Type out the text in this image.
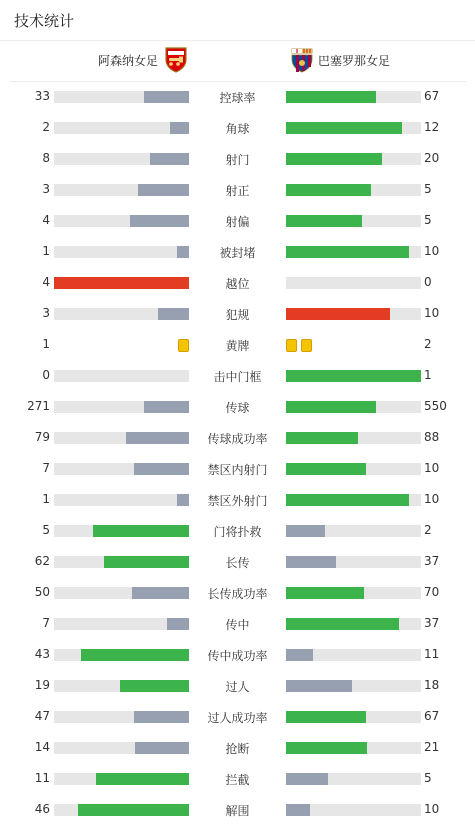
技术统计
阿森纳女足	巴塞罗那女足
33	控球率	67
2	角球	12
8	射门	20
3	射正	5
4	射偏	5
1	被封堵	10
4	越位	0
3	犯规	10
1	黄牌	2
0	击中门框	1
271	传球	550
79	传球成功率	88
7	禁区内射门	10
1	禁区外射门	10
5	门将扑救	2
62	长传	37
50	长传成功率	70
7	传中	37
43	传中成功率	11
19	过人	18
47	过人成功率	67
14	抢断	21
11	拦截	5
46	解围	10
